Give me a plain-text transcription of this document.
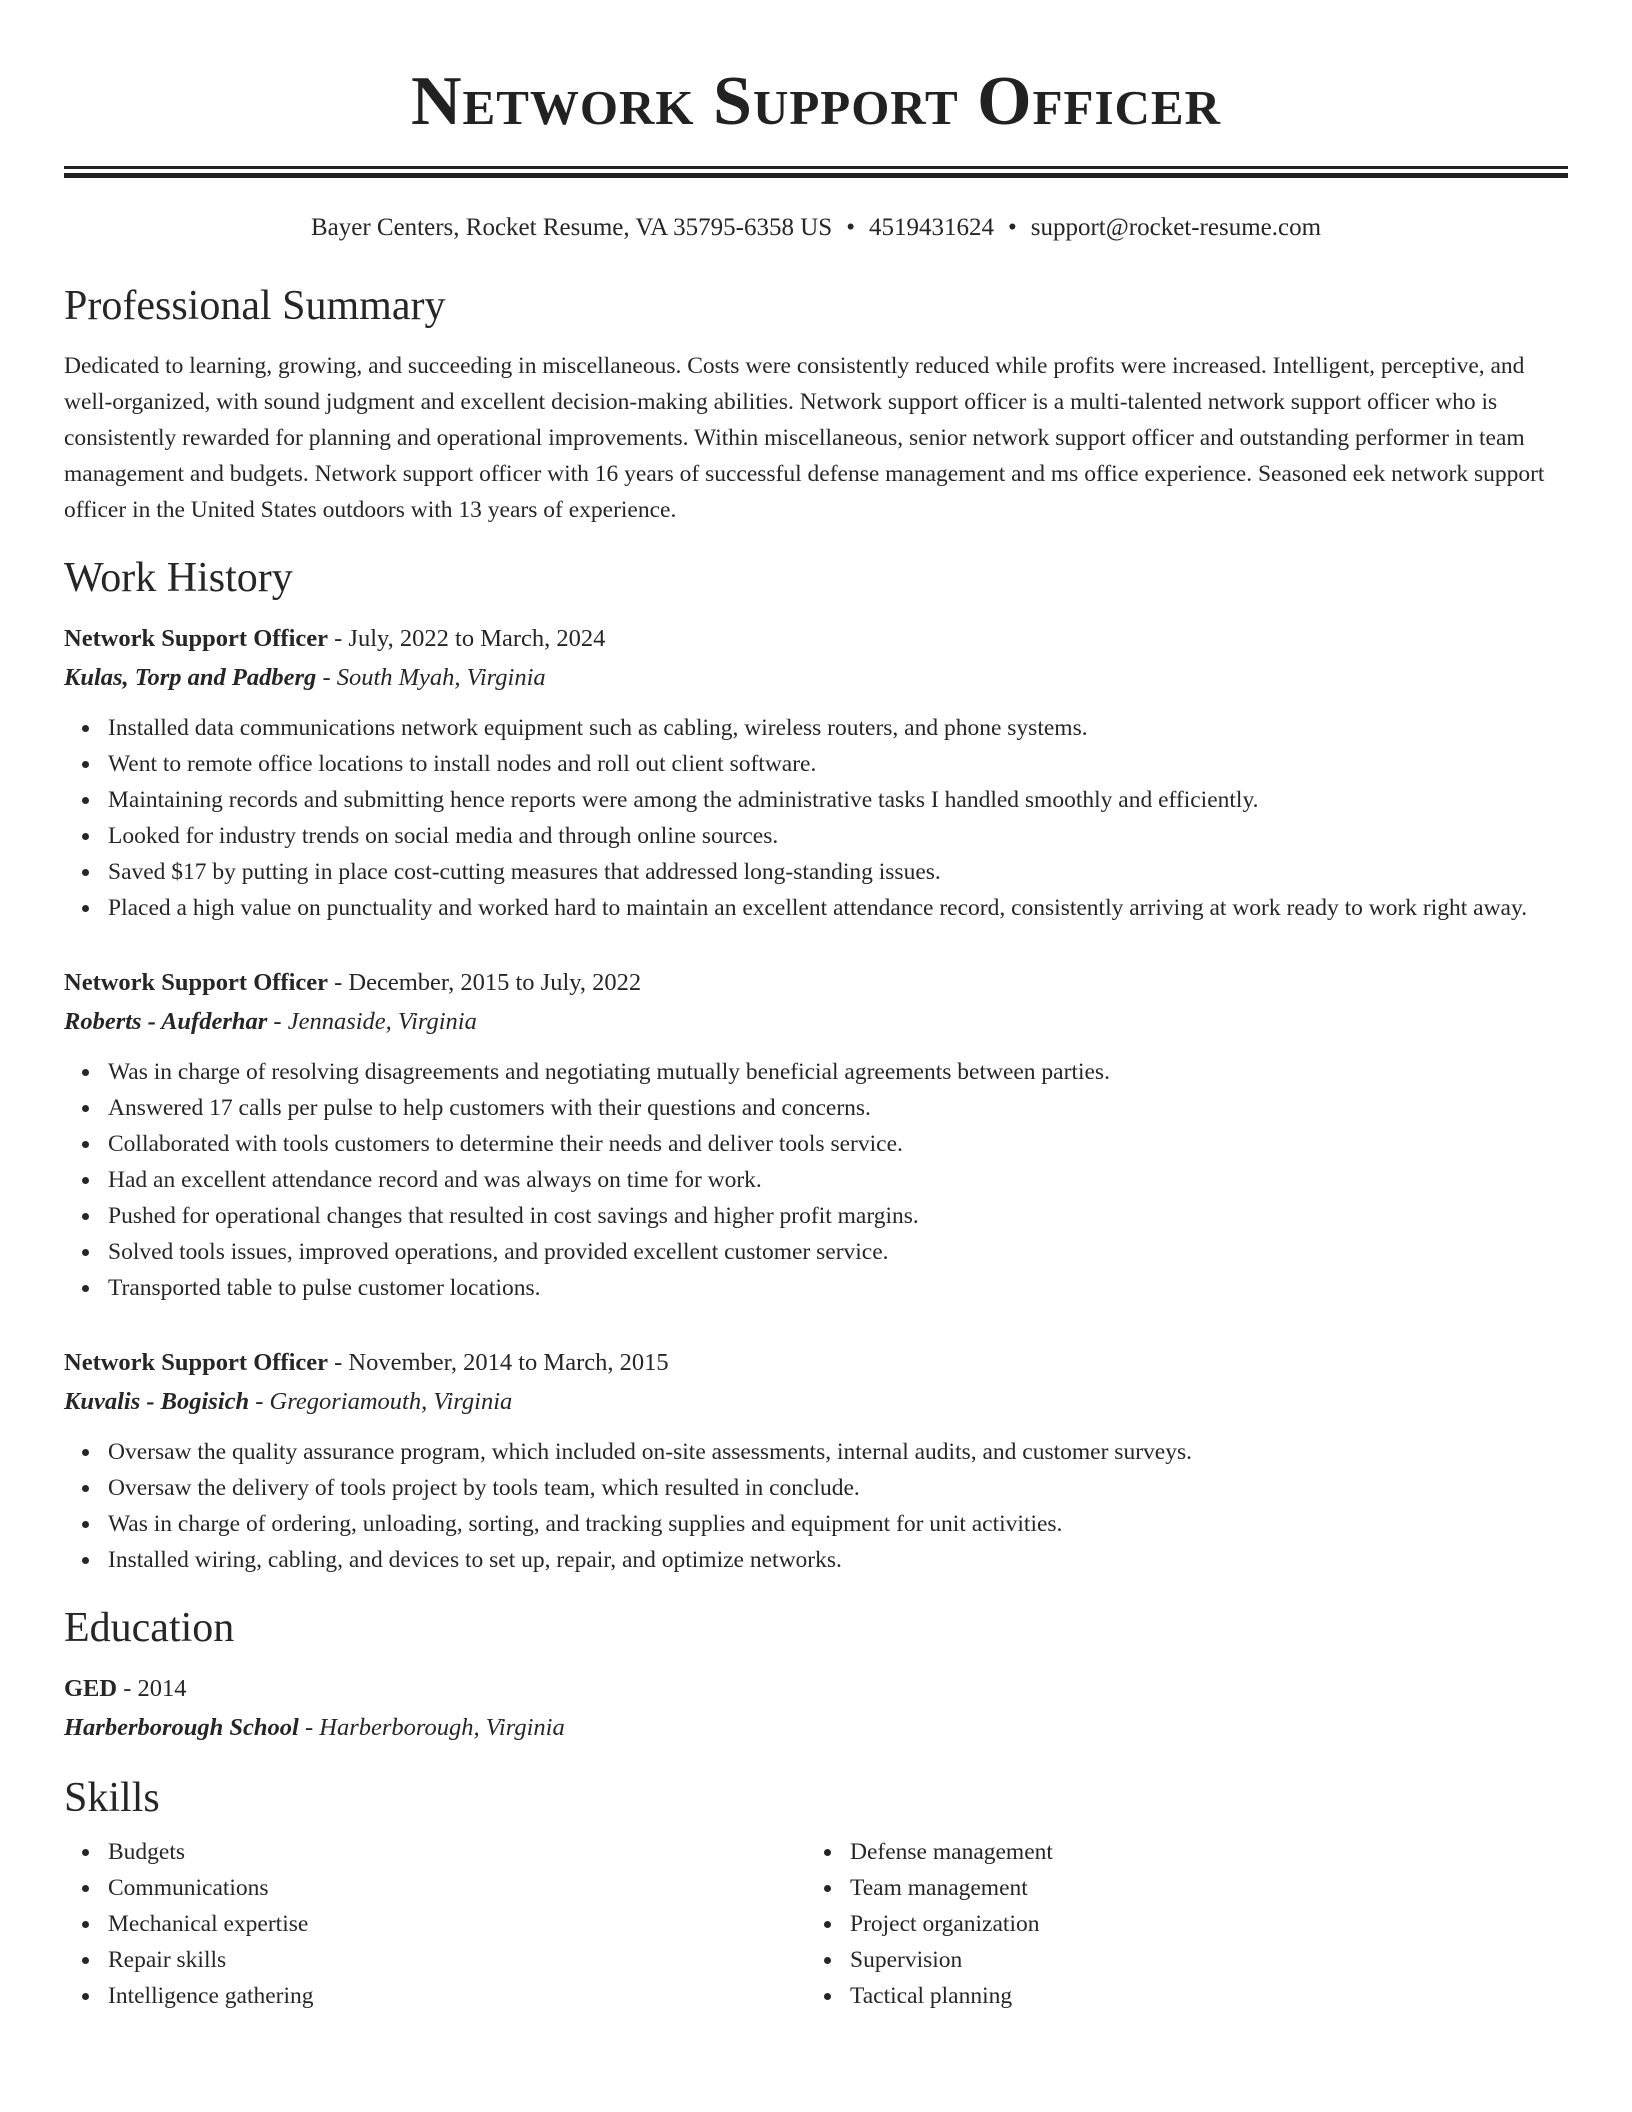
Network Support Officer
Bayer Centers, Rocket Resume, VA 35795-6358 US • 4519431624 • support@rocket-resume.com
Professional Summary
Dedicated to learning, growing, and succeeding in miscellaneous. Costs were consistently reduced while profits were increased. Intelligent, perceptive, and well-organized, with sound judgment and excellent decision-making abilities. Network support officer is a multi-talented network support officer who is consistently rewarded for planning and operational improvements. Within miscellaneous, senior network support officer and outstanding performer in team management and budgets. Network support officer with 16 years of successful defense management and ms office experience. Seasoned eek network support officer in the United States outdoors with 13 years of experience.
Work History
Network Support Officer - July, 2022 to March, 2024
Kulas, Torp and Padberg - South Myah, Virginia
Installed data communications network equipment such as cabling, wireless routers, and phone systems.
Went to remote office locations to install nodes and roll out client software.
Maintaining records and submitting hence reports were among the administrative tasks I handled smoothly and efficiently.
Looked for industry trends on social media and through online sources.
Saved $17 by putting in place cost-cutting measures that addressed long-standing issues.
Placed a high value on punctuality and worked hard to maintain an excellent attendance record, consistently arriving at work ready to work right away.
Network Support Officer - December, 2015 to July, 2022
Roberts - Aufderhar - Jennaside, Virginia
Was in charge of resolving disagreements and negotiating mutually beneficial agreements between parties.
Answered 17 calls per pulse to help customers with their questions and concerns.
Collaborated with tools customers to determine their needs and deliver tools service.
Had an excellent attendance record and was always on time for work.
Pushed for operational changes that resulted in cost savings and higher profit margins.
Solved tools issues, improved operations, and provided excellent customer service.
Transported table to pulse customer locations.
Network Support Officer - November, 2014 to March, 2015
Kuvalis - Bogisich - Gregoriamouth, Virginia
Oversaw the quality assurance program, which included on-site assessments, internal audits, and customer surveys.
Oversaw the delivery of tools project by tools team, which resulted in conclude.
Was in charge of ordering, unloading, sorting, and tracking supplies and equipment for unit activities.
Installed wiring, cabling, and devices to set up, repair, and optimize networks.
Education
GED - 2014
Harberborough School - Harberborough, Virginia
Skills
Budgets
Communications
Mechanical expertise
Repair skills
Intelligence gathering
Defense management
Team management
Project organization
Supervision
Tactical planning
